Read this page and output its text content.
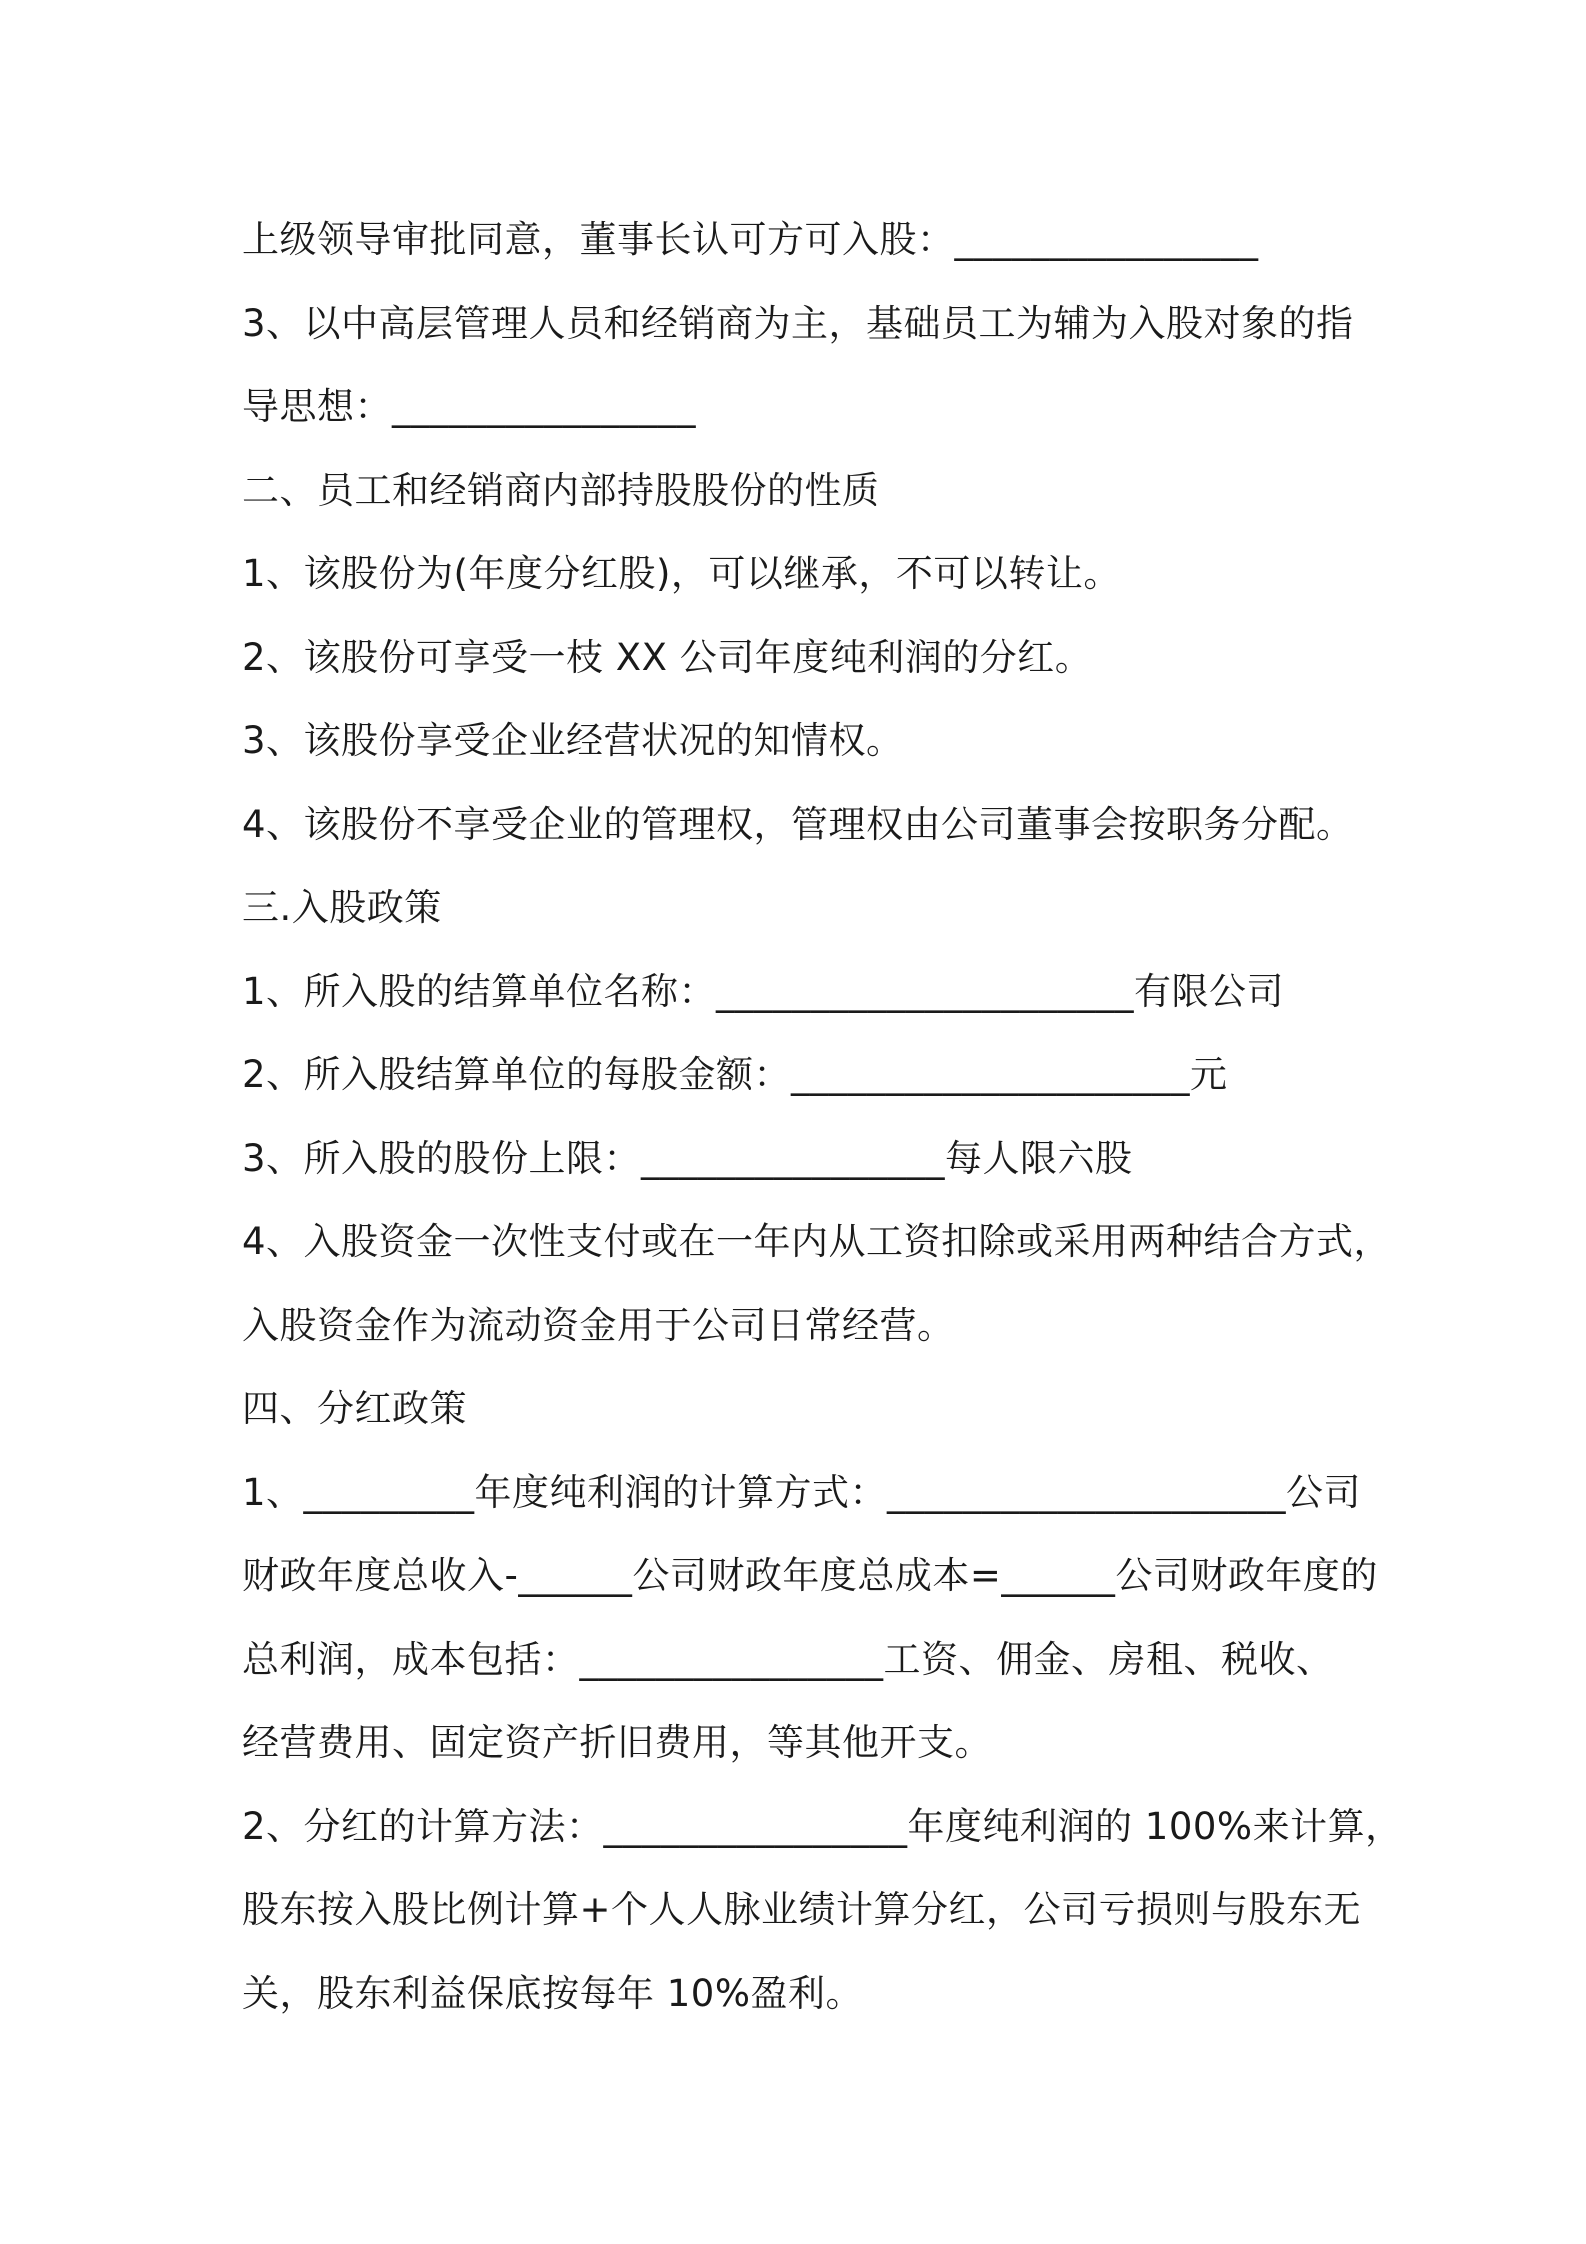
上级领导审批同意，董事长认可方可入股：________________
3、以中高层管理人员和经销商为主，基础员工为辅为入股对象的指
导思想：________________
二、员工和经销商内部持股股份的性质
1、该股份为(年度分红股)，可以继承，不可以转让。
2、该股份可享受一枝 XX 公司年度纯利润的分红。
3、该股份享受企业经营状况的知情权。
4、该股份不享受企业的管理权，管理权由公司董事会按职务分配。
三.入股政策
1、所入股的结算单位名称：______________________有限公司
2、所入股结算单位的每股金额：_____________________元
3、所入股的股份上限：________________每人限六股
4、入股资金一次性支付或在一年内从工资扣除或采用两种结合方式，
入股资金作为流动资金用于公司日常经营。
四、分红政策
1、_________年度纯利润的计算方式：_____________________公司
财政年度总收入-______公司财政年度总成本=______公司财政年度的
总利润，成本包括：________________工资、佣金、房租、税收、
经营费用、固定资产折旧费用，等其他开支。
2、分红的计算方法：________________年度纯利润的 100%来计算，
股东按入股比例计算+个人人脉业绩计算分红，公司亏损则与股东无
关，股东利益保底按每年 10%盈利。
